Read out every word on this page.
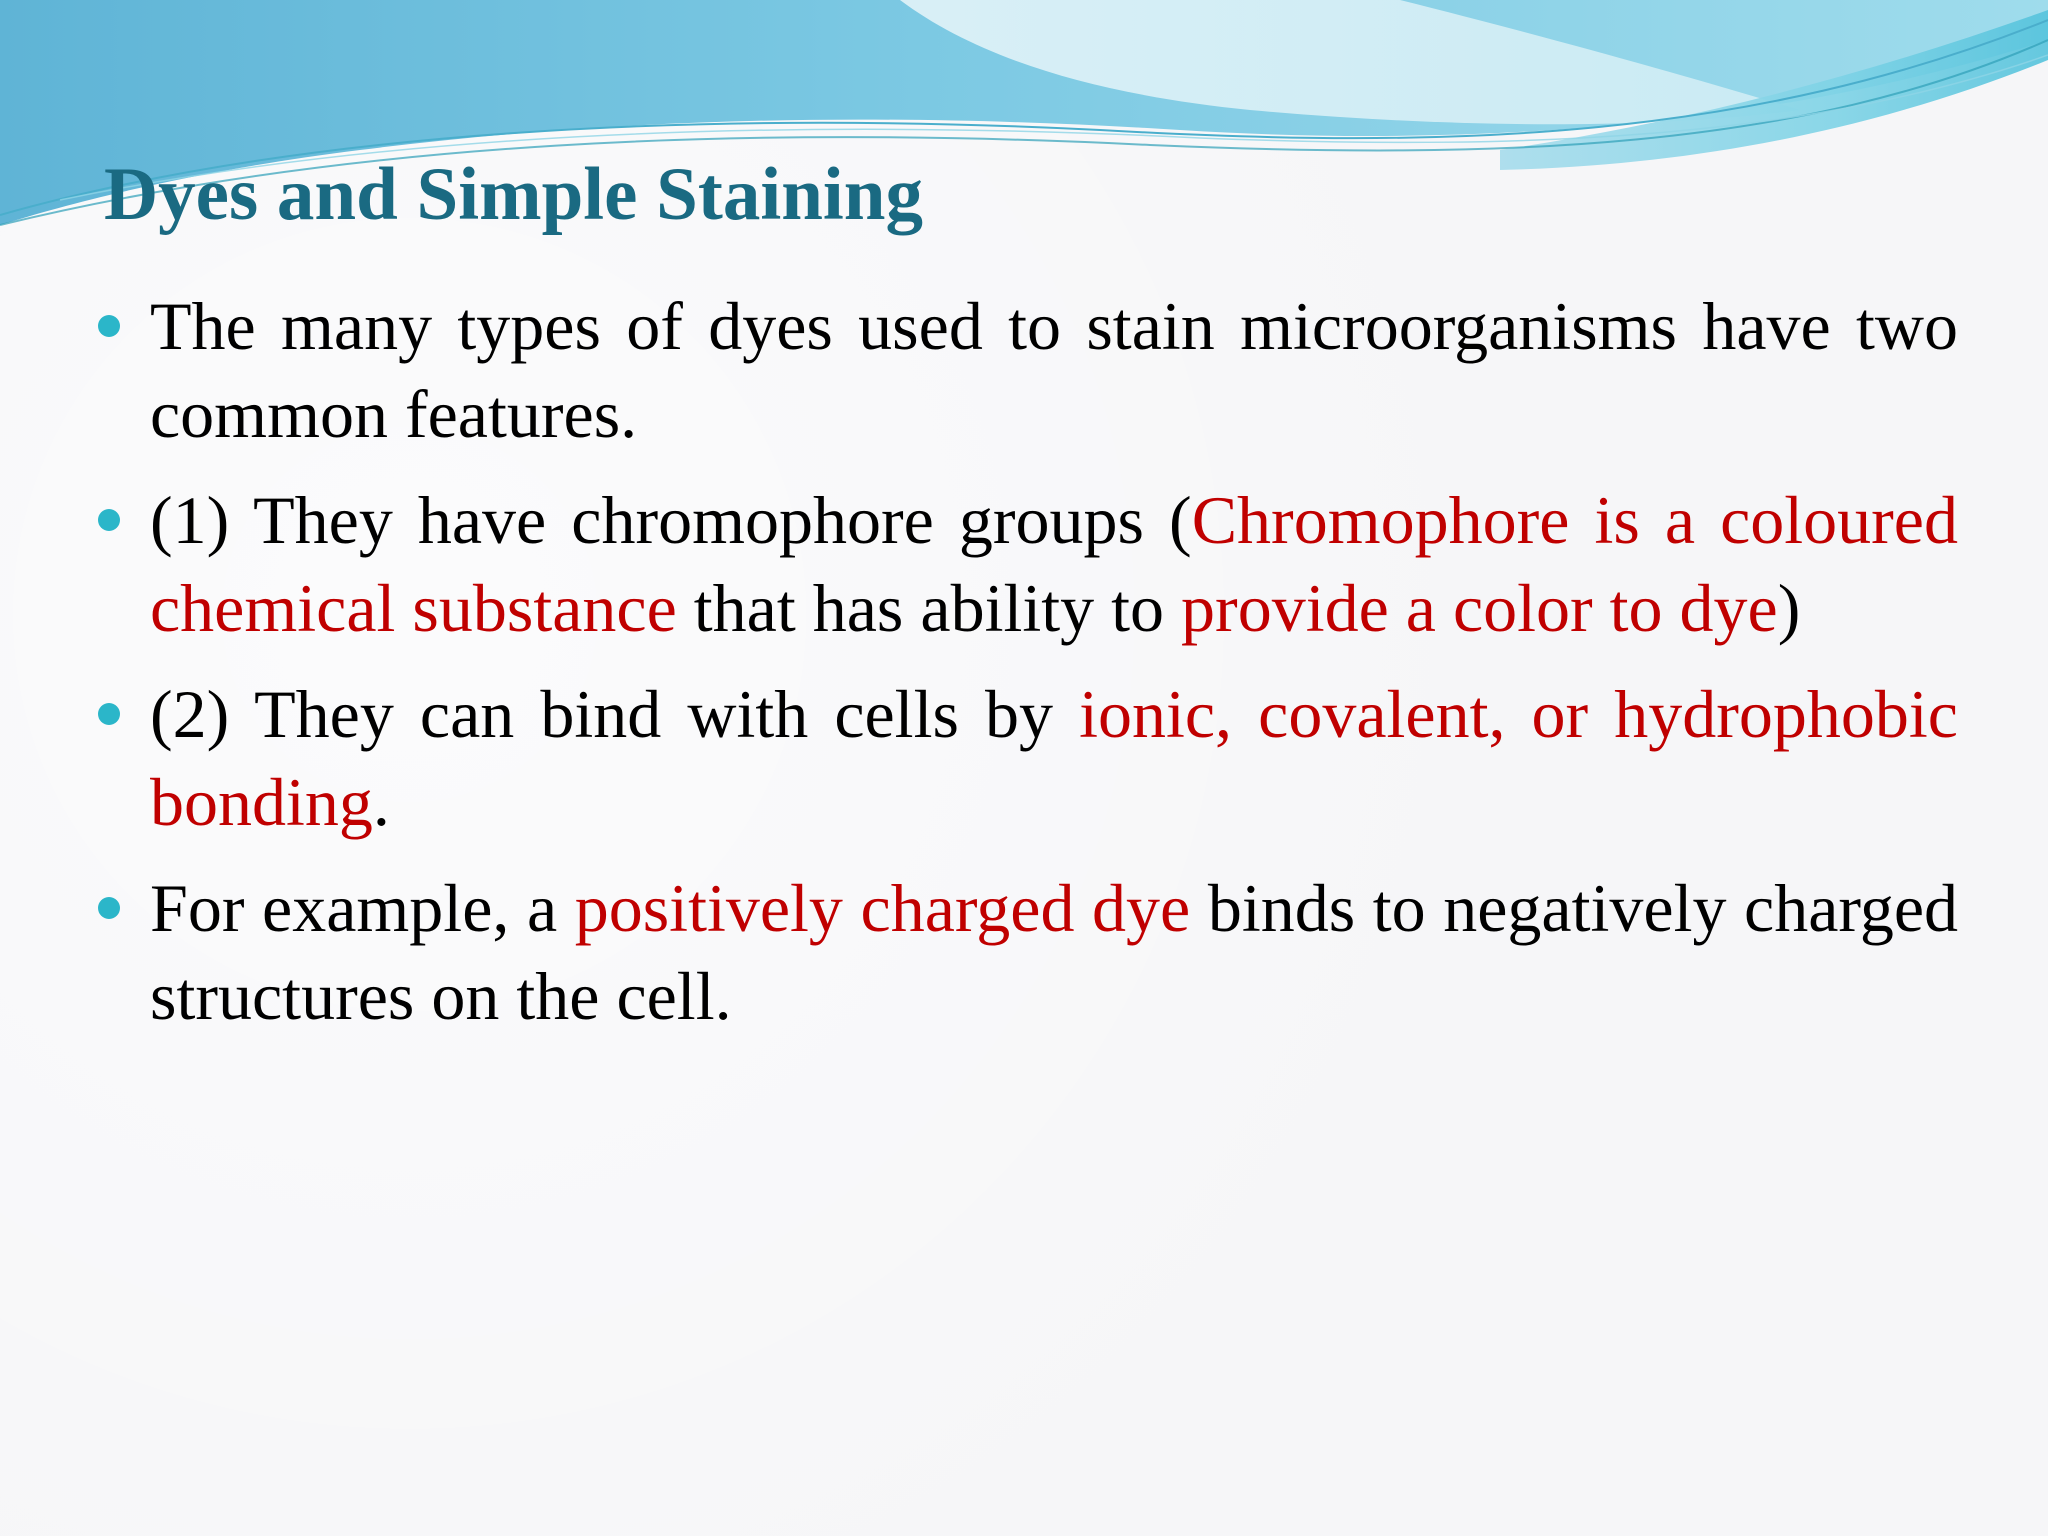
Dyes and Simple Staining
The many types of dyes used to stain microorganisms have two common features.
(1) They have chromophore groups (Chromophore is a coloured chemical substance that has ability to provide a color to dye)
(2) They can bind with cells by ionic, covalent, or hydrophobic bonding.
For example, a positively charged dye binds to negatively charged structures on the cell.
